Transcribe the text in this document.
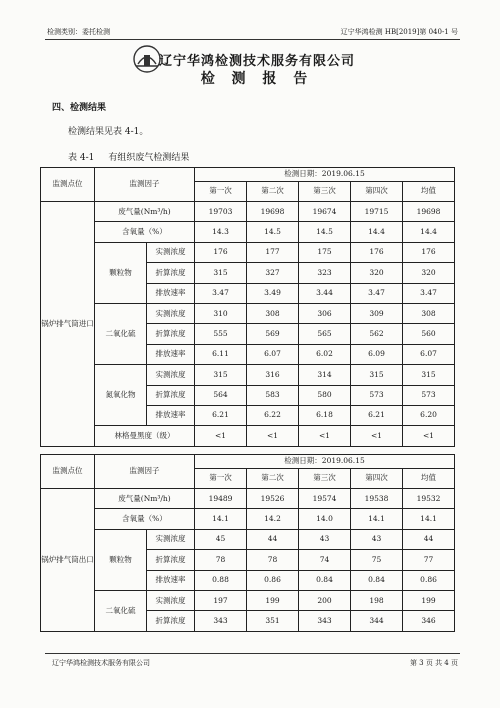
检测类别：委托检测	辽宁华鸿检测 HB[2019]第 040-1 号
辽宁华鸿检测技术服务有限公司
检 测 报 告
四、检测结果
检测结果见表 4-1。
表 4-1 有组织废气检测结果
监测点位	监测因子	检测日期：2019.06.15
第一次	第二次	第三次	第四次	均值
锅炉排气筒进口	废气量(Nm³/h)	19703	19698	19674	19715	19698
含氧量（%）	14.3	14.5	14.5	14.4	14.4
颗粒物	实测浓度	176	177	175	176	176
折算浓度	315	327	323	320	320
排放速率	3.47	3.49	3.44	3.47	3.47
二氧化硫	实测浓度	310	308	306	309	308
折算浓度	555	569	565	562	560
排放速率	6.11	6.07	6.02	6.09	6.07
氮氧化物	实测浓度	315	316	314	315	315
折算浓度	564	583	580	573	573
排放速率	6.21	6.22	6.18	6.21	6.20
林格曼黑度（级）	<1	<1	<1	<1	<1
监测点位	监测因子	检测日期：2019.06.15
第一次	第二次	第三次	第四次	均值
锅炉排气筒出口	废气量(Nm³/h)	19489	19526	19574	19538	19532
含氧量（%）	14.1	14.2	14.0	14.1	14.1
颗粒物	实测浓度	45	44	43	43	44
折算浓度	78	78	74	75	77
排放速率	0.88	0.86	0.84	0.84	0.86
二氧化硫	实测浓度	197	199	200	198	199
折算浓度	343	351	343	344	346
辽宁华鸿检测技术服务有限公司	第 3 页 共 4 页
